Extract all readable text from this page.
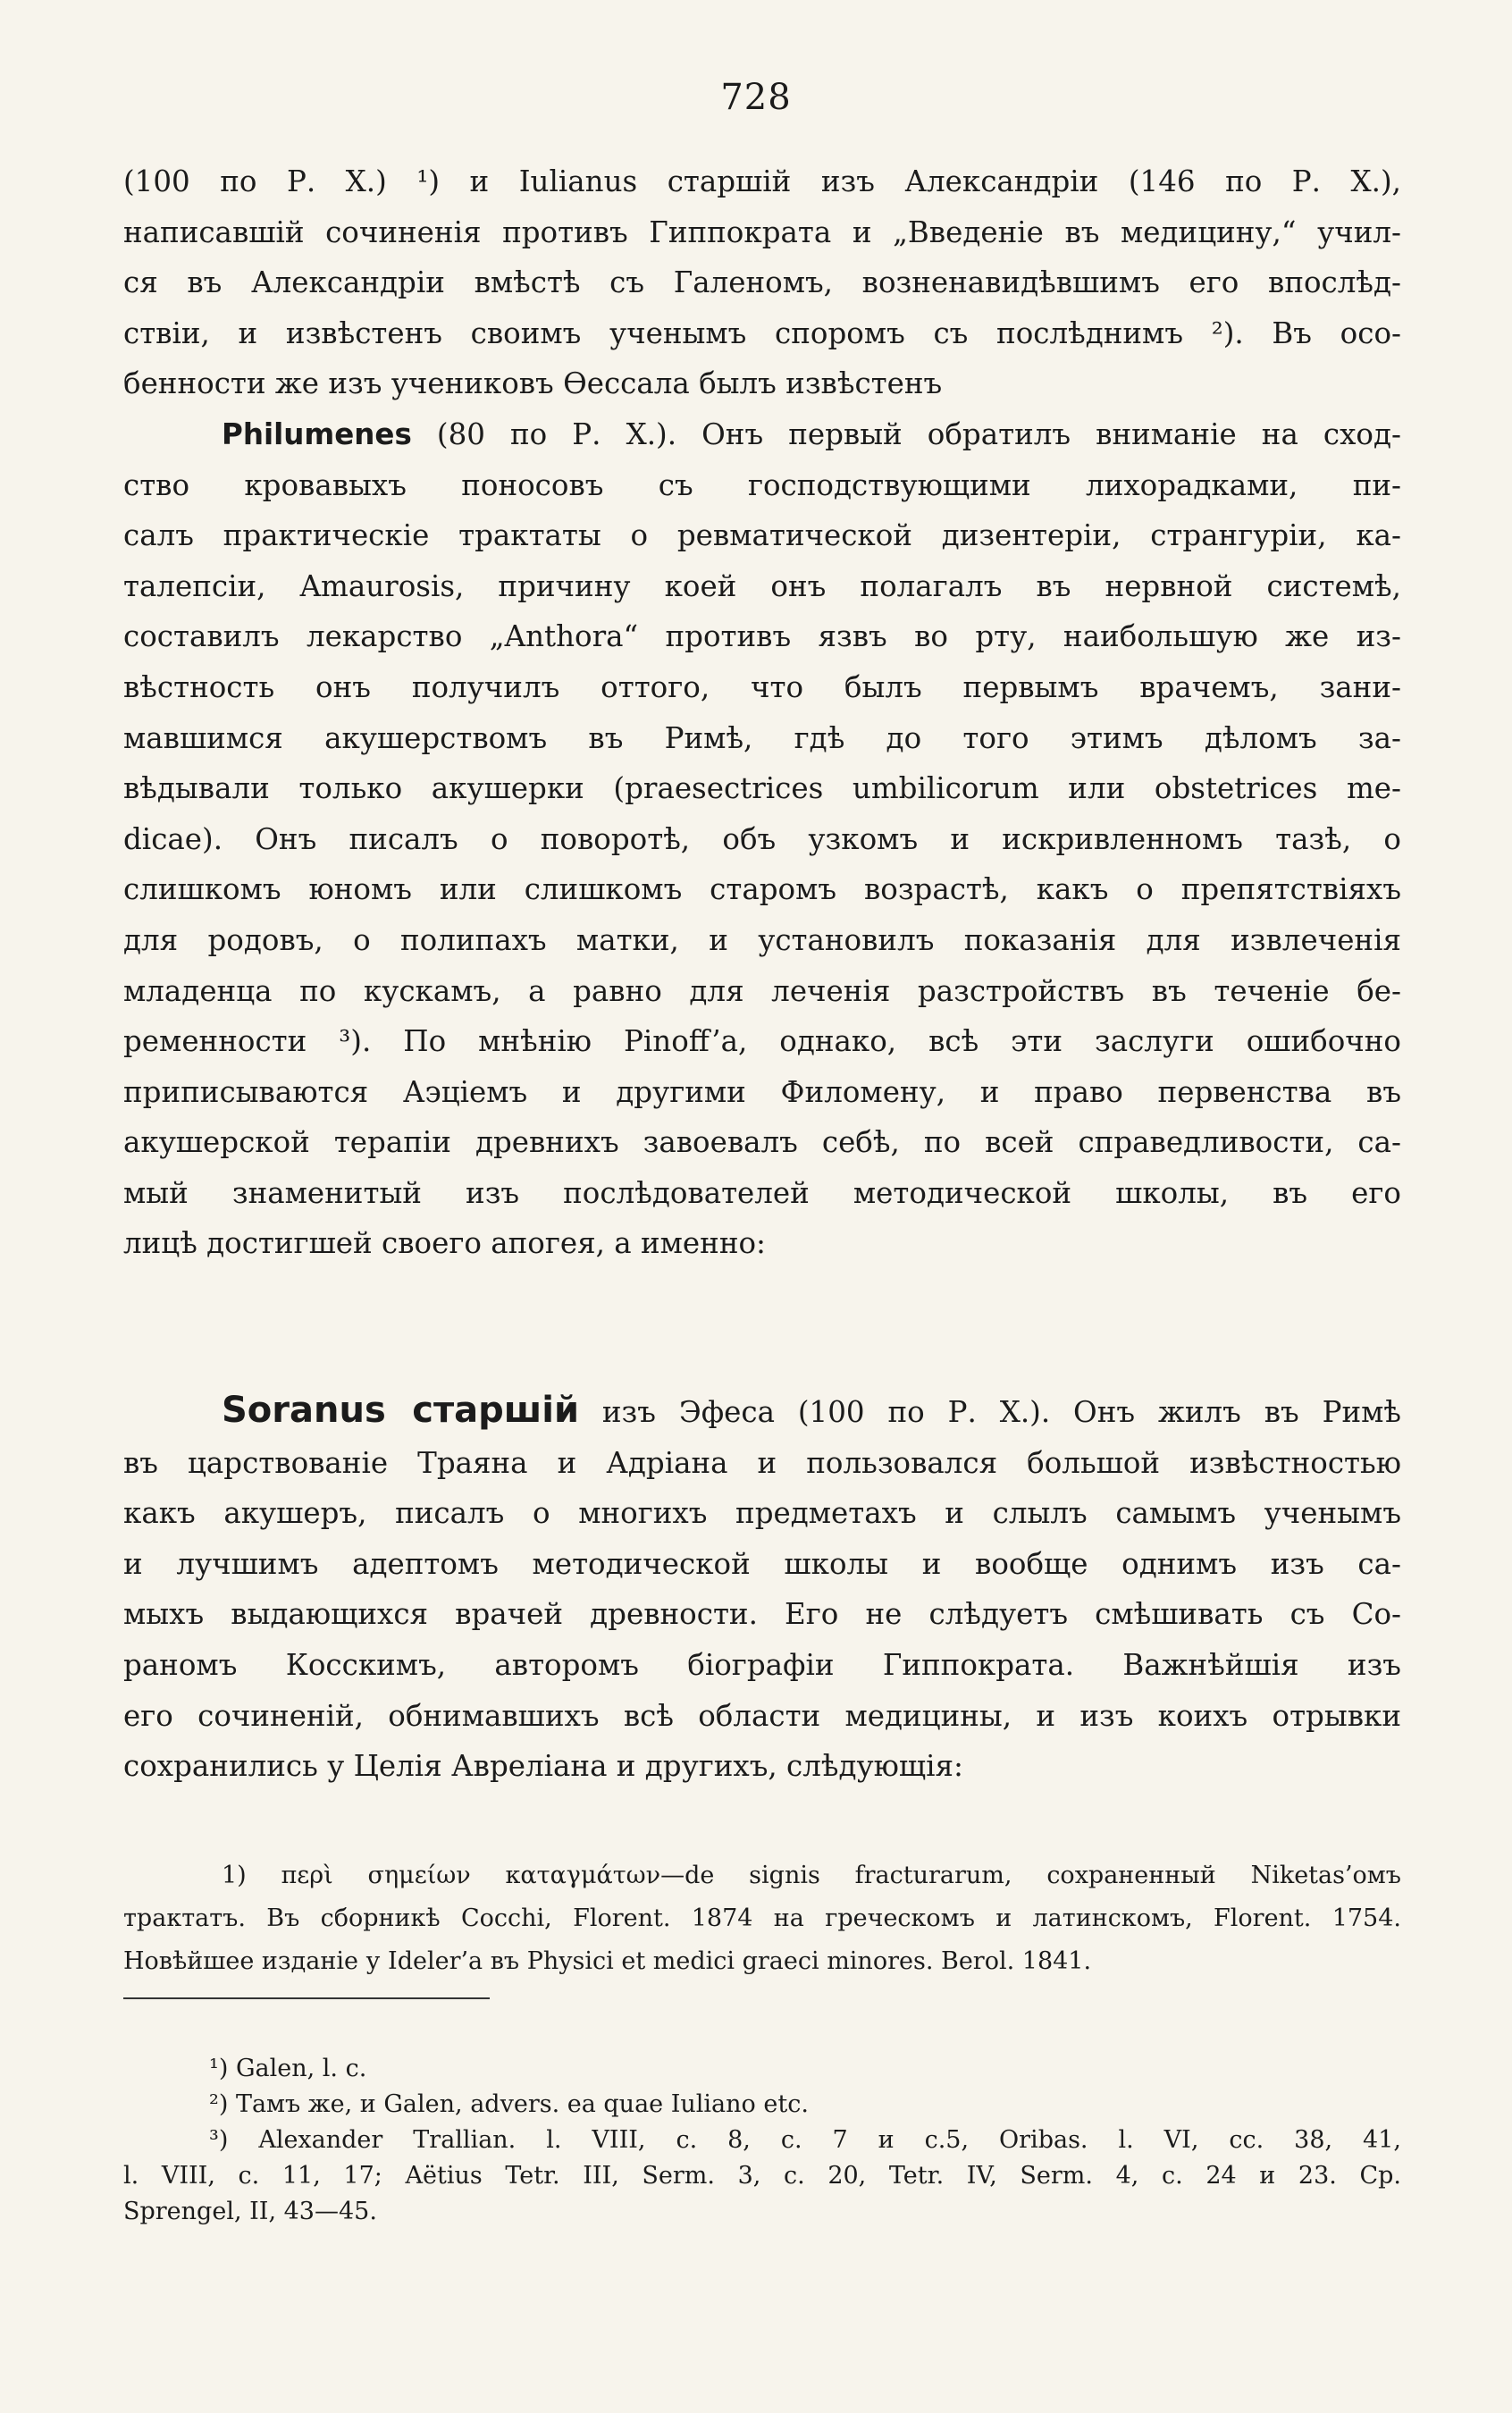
728
(100 по Р. X.) ¹) и Iulianus старшій изъ Александріи (146 по Р. X.),
написавшій сочиненія противъ Гиппократа и „Введеніе въ медицину,“ учил-
ся въ Александріи вмѣстѣ съ Галеномъ, возненавидѣвшимъ его впослѣд-
ствіи, и извѣстенъ своимъ ученымъ споромъ съ послѣднимъ ²). Въ осо-
бенности же изъ учениковъ Ѳессала былъ извѣстенъ
Philumenes (80 по Р. X.). Онъ первый обратилъ вниманіе на сход-
ство кровавыхъ поносовъ съ господствующими лихорадками, пи-
салъ практическіе трактаты о ревматической дизентеріи, странгуріи, ка-
талепсіи, Amaurosis, причину коей онъ полагалъ въ нервной системѣ,
составилъ лекарство „Anthora“ противъ язвъ во рту, наибольшую же из-
вѣстность онъ получилъ оттого, что былъ первымъ врачемъ, зани-
мавшимся акушерствомъ въ Римѣ, гдѣ до того этимъ дѣломъ за-
вѣдывали только акушерки (praesectrices umbilicorum или obstetrices me-
dicae). Онъ писалъ о поворотѣ, объ узкомъ и искривленномъ тазѣ, о
слишкомъ юномъ или слишкомъ старомъ возрастѣ, какъ о препятствіяхъ
для родовъ, о полипахъ матки, и установилъ показанія для извлеченія
младенца по кускамъ, а равно для леченія разстройствъ въ теченіе бе-
ременности ³). По мнѣнію Pinoff’а, однако, всѣ эти заслуги ошибочно
приписываются Аэціемъ и другими Филомену, и право первенства въ
акушерской терапіи древнихъ завоевалъ себѣ, по всей справедливости, са-
мый знаменитый изъ послѣдователей методической школы, въ его
лицѣ достигшей своего апогея, а именно:
Soranus старшій изъ Эфеса (100 по Р. X.). Онъ жилъ въ Римѣ
въ царствованіе Траяна и Адріана и пользовался большой извѣстностью
какъ акушеръ, писалъ о многихъ предметахъ и слылъ самымъ ученымъ
и лучшимъ адептомъ методической школы и вообще однимъ изъ са-
мыхъ выдающихся врачей древности. Его не слѣдуетъ смѣшивать съ Со-
раномъ Косскимъ, авторомъ біографіи Гиппократа. Важнѣйшія изъ
его сочиненій, обнимавшихъ всѣ области медицины, и изъ коихъ отрывки
сохранились у Целія Авреліана и другихъ, слѣдующія:
1) περὶ σημείων καταγμάτων—de signis fracturarum, сохраненный Niketas’омъ
трактатъ. Въ сборникѣ Cocchi, Florent. 1874 на греческомъ и латинскомъ, Florent. 1754.
Новѣйшее изданіе у Ideler’а въ Physici et medici graeci minores. Berol. 1841.
¹) Galen, l. c.
²) Тамъ же, и Galen, advers. ea quae Iuliano etc.
³) Alexander Trallian. l. VIII, c. 8, c. 7 и c.5, Oribas. l. VI, cc. 38, 41,
l. VIII, c. 11, 17; Aëtius Tetr. III, Serm. 3, c. 20, Tetr. IV, Serm. 4, c. 24 и 23. Cp.
Sprengel, II, 43—45.
